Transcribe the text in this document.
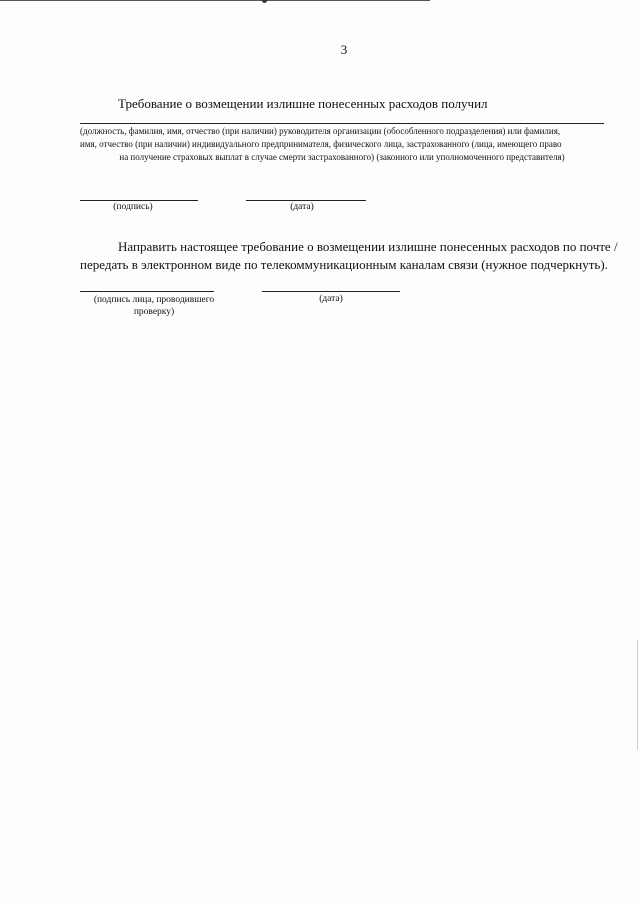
3
Требование о возмещении излишне понесенных расходов получил
(должность, фамилия, имя, отчество (при наличии) руководителя организации (обособленного подразделения) или фамилия,
имя, отчество (при наличии) индивидуального предпринимателя, физического лица, застрахованного (лица, имеющего право
на получение страховых выплат в случае смерти застрахованного) (законного или уполномоченного представителя)
(подпись)	(дата)
Направить настоящее требование о возмещении излишне понесенных расходов по почте /
передать в электронном виде по телекоммуникационным каналам связи (нужное подчеркнуть).
(подпись лица, проводившего
проверку)
(дата)
